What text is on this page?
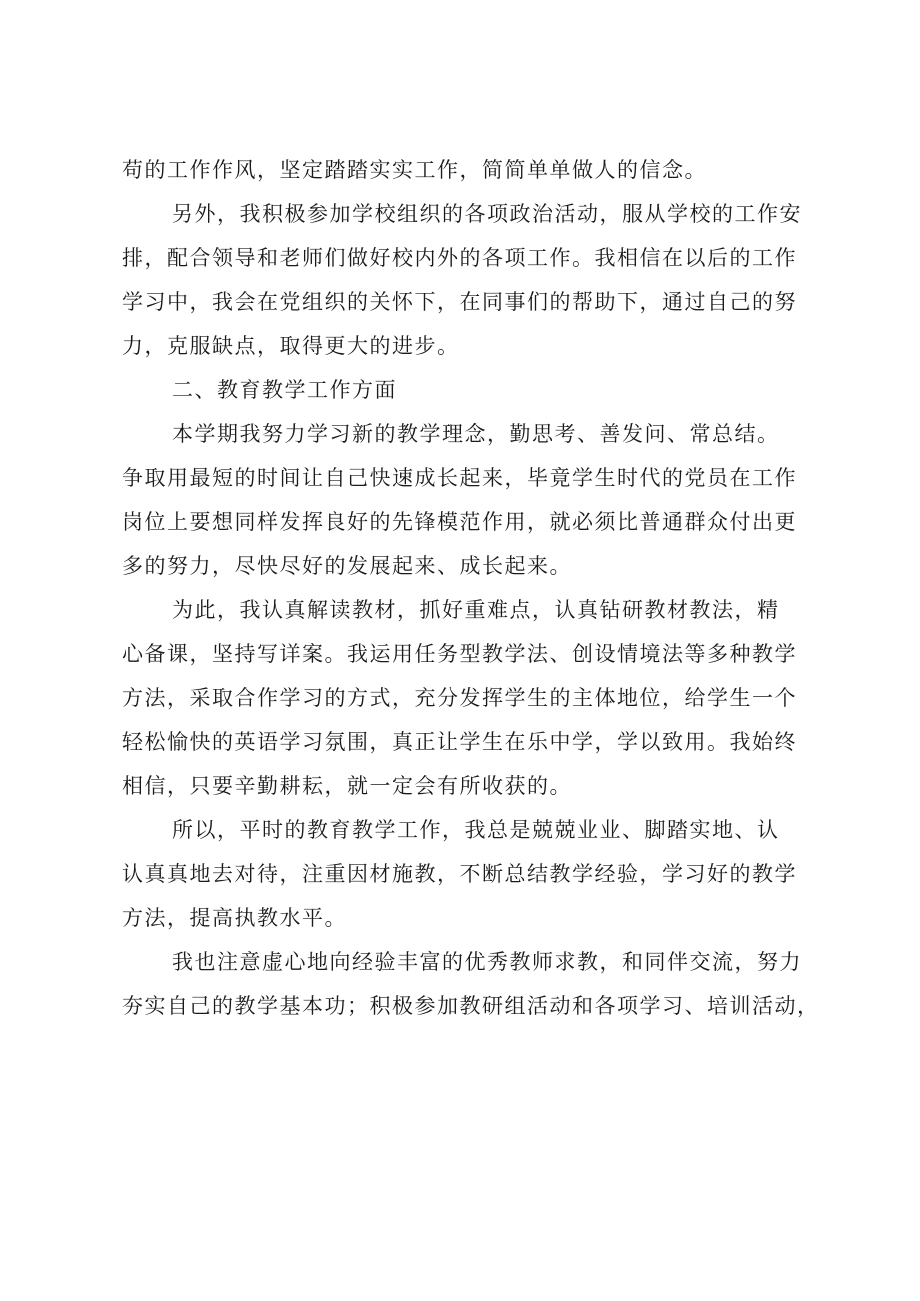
苟的工作作风，坚定踏踏实实工作，简简单单做人的信念。
另外，我积极参加学校组织的各项政治活动，服从学校的工作安
排，配合领导和老师们做好校内外的各项工作。我相信在以后的工作
学习中，我会在党组织的关怀下，在同事们的帮助下，通过自己的努
力，克服缺点，取得更大的进步。
二、教育教学工作方面
本学期我努力学习新的教学理念，勤思考、善发问、常总结。
争取用最短的时间让自己快速成长起来，毕竟学生时代的党员在工作
岗位上要想同样发挥良好的先锋模范作用，就必须比普通群众付出更
多的努力，尽快尽好的发展起来、成长起来。
为此，我认真解读教材，抓好重难点，认真钻研教材教法，精
心备课，坚持写详案。我运用任务型教学法、创设情境法等多种教学
方法，采取合作学习的方式，充分发挥学生的主体地位，给学生一个
轻松愉快的英语学习氛围，真正让学生在乐中学，学以致用。我始终
相信，只要辛勤耕耘，就一定会有所收获的。
所以，平时的教育教学工作，我总是兢兢业业、脚踏实地、认
认真真地去对待，注重因材施教，不断总结教学经验，学习好的教学
方法，提高执教水平。
我也注意虚心地向经验丰富的优秀教师求教，和同伴交流，努力
夯实自己的教学基本功；积极参加教研组活动和各项学习、培训活动，
